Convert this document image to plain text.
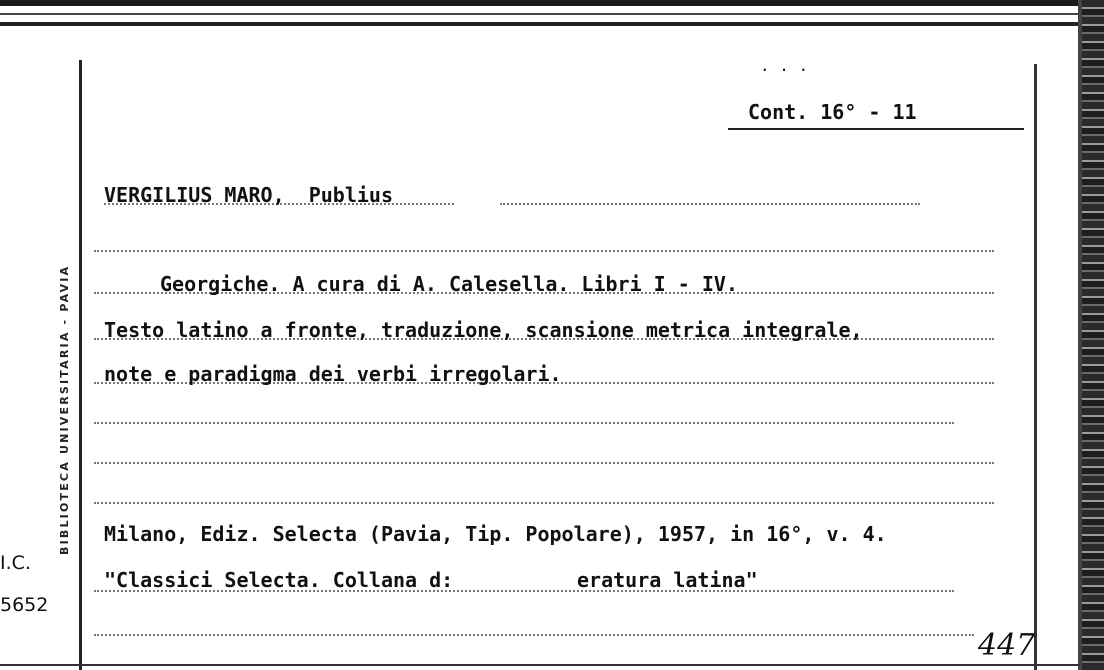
BIBLIOTECA UNIVERSITARIA - PAVIA
I.C.
5652
. . .
Cont. 16° - 11
VERGILIUS MARO,  Publius
Georgiche. A cura di A. Calesella. Libri I - IV.
Testo latino a fronte, traduzione, scansione metrica integrale,
note e paradigma dei verbi irregolari.
Milano, Ediz. Selecta (Pavia, Tip. Popolare), 1957, in 16°, v. 4.
"Classici Selecta. Collana d:	eratura latina"
447
